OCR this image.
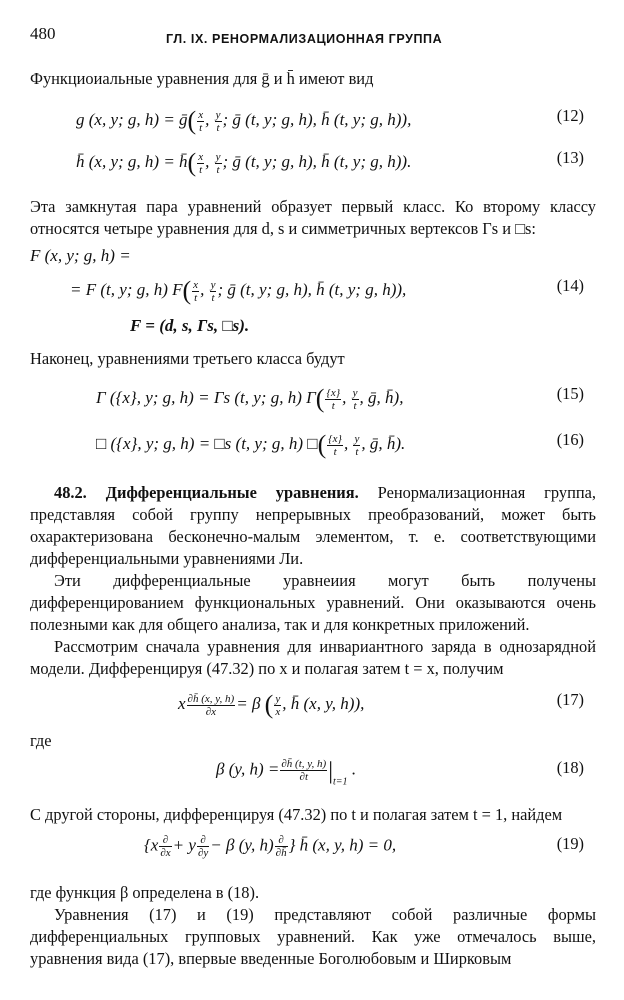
480	ГЛ. IX. РЕНОРМАЛИЗАЦИОННАЯ ГРУППА

Функциоиальные уравнения для ḡ и h̄ имеют вид

g (x, y; g, h) = ḡ( $\frac{x}{t}$ , $\frac{y}{t}$ ; ḡ (t, y; g, h), h̄ (t, y; g, h)),	(12)
h̄ (x, y; g, h) = h̄( $\frac{x}{t}$ , $\frac{y}{t}$ ; ḡ (t, y; g, h), h̄ (t, y; g, h)).	(13)

Эта замкнутая пара уравнений образует первый класс. Ко второму классу относятся четыре уравнения для d, s и симметричных вертексов Γs и □s:

F (x, y; g, h) =
= F (t, y; g, h) $F( \frac{x}{t}$ , $\frac{y}{t}$ ; ḡ (t, y; g, h), h̄ (t, y; g, h)),	(14)
F = (d, s, Γs, □s).

Наконец, уравнениями третьего класса будут

Γ ({x}, y; g, h) = Γs (t, y; g, h) $\Gamma( \frac{\{x\}}{t}$ , $\frac{y}{t}$ , ḡ, h̄),	(15)
□ ({x}, y; g, h) = □s (t, y; g, h) □( $\frac{\{x\}}{t}$ , $\frac{y}{t}$ , ḡ, h̄).	(16)

48.2. Дифференциальные уравнения. Ренормализационная группа, представляя собой группу непрерывных преобразований, может быть охарактеризована бесконечно-малым элементом, т. е. соответствующими дифференциальными уравнениями Ли.

Эти дифференциальные уравнеиия могут быть получены дифференцированием функциональных уравнений. Они оказываются очень полезными как для общего анализа, так и для конкретных приложений.

Рассмотрим сначала уравнения для инвариантного заряда в однозарядной модели. Дифференцируя (47.32) по x и полагая затем t = x, получим

x $\frac{\partial h̄ (x, y, h)}{\partial x} = \beta$ ( $\frac{y}{x}$ , h̄ (x, y, h)),	(17)

где

β (y, $h) = \frac{\partial h̄ (t, y, h)}{\partial t} |_{t=1}$ .	(18)

С другой стороны, дифференцируя (47.32) по t и полагая затем t = 1, найдем

{$x \frac{\partial}{\partial x} + y \frac{\partial}{\partial y} - \beta$ (y, $h) \frac{\partial}{\partial h̄}$ } h̄ (x, y, h) = 0,	(19)

где функция β определена в (18).

Уравнения (17) и (19) представляют собой различные формы дифференциальных групповых уравнений. Как уже отмечалось выше, уравнения вида (17), впервые введенные Боголюбовым и Ширковым
